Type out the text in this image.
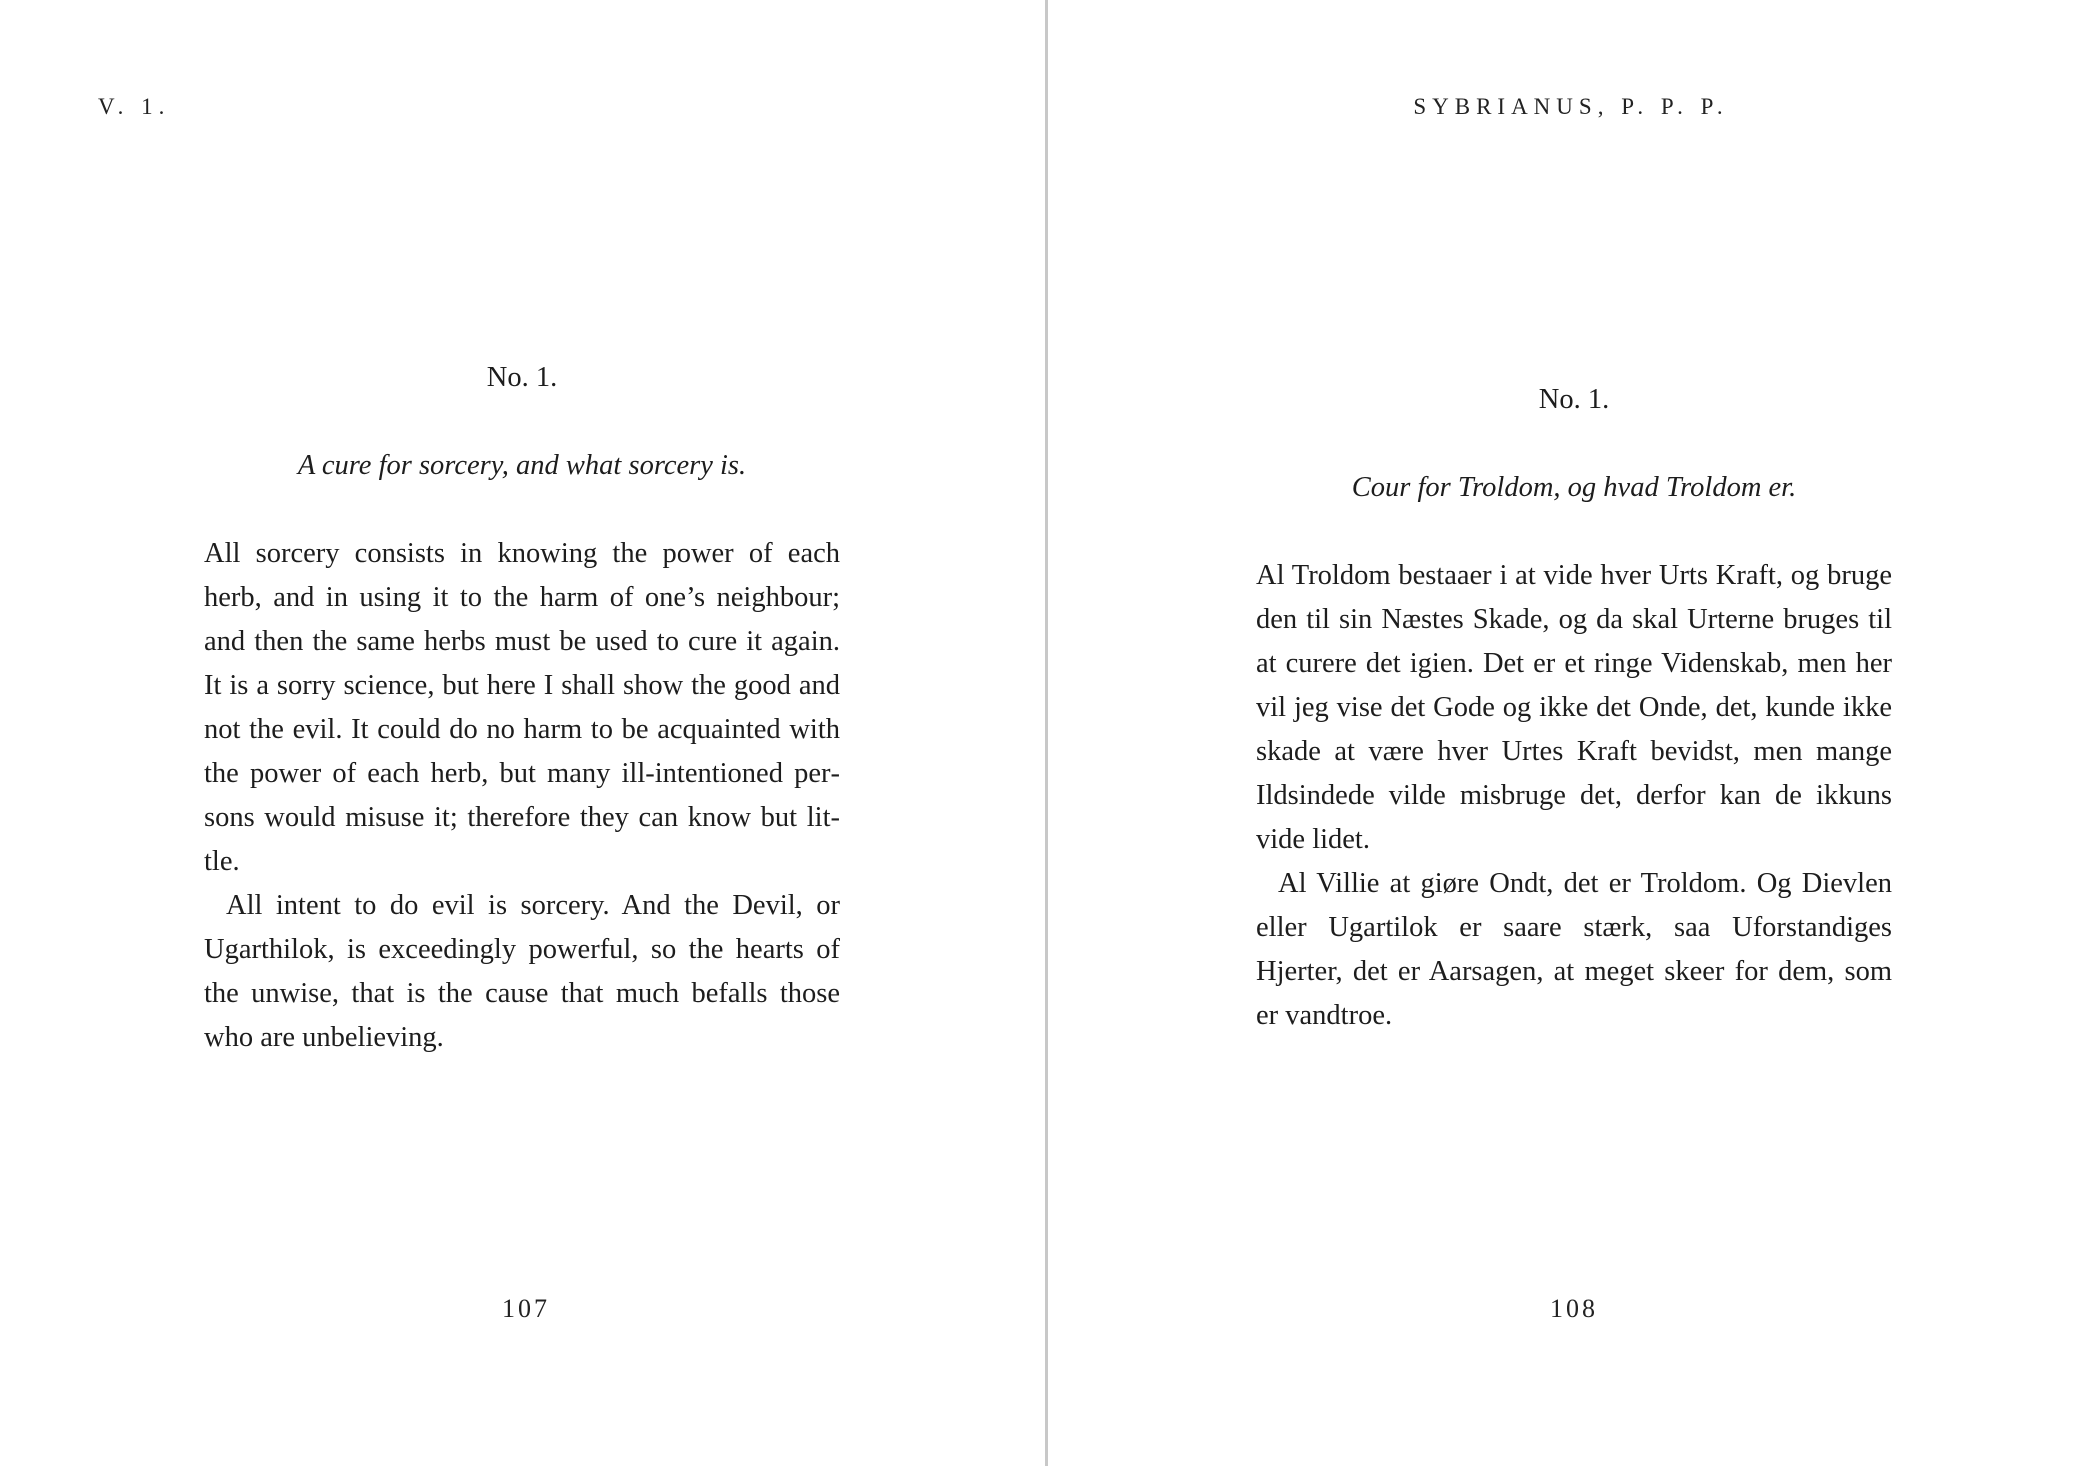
V. 1.

No. 1.

A cure for sorcery, and what sorcery is.

All sorcery consists in knowing the power of each herb, and in using it to the harm of one’s neighbour; and then the same herbs must be used to cure it again. It is a sorry science, but here I shall show the good and not the evil. It could do no harm to be acquainted with the power of each herb, but many ill-intentioned persons would misuse it; therefore they can know but little.

All intent to do evil is sorcery. And the Devil, or Ugarthilok, is exceedingly powerful, so the hearts of the unwise, that is the cause that much befalls those who are unbelieving.

107
SYBRIANUS, P. P. P.

No. 1.

Cour for Troldom, og hvad Troldom er.

Al Troldom bestaaer i at vide hver Urts Kraft, og bruge den til sin Næstes Skade, og da skal Urterne bruges til at curere det igien. Det er et ringe Videnskab, men her vil jeg vise det Gode og ikke det Onde, det, kunde ikke skade at være hver Urtes Kraft bevidst, men mange Ildsindede vilde misbruge det, derfor kan de ikkuns vide lidet.

Al Villie at giøre Ondt, det er Troldom. Og Dievlen eller Ugartilok er saare stærk, saa Uforstandiges Hjerter, det er Aarsagen, at meget skeer for dem, som er vandtroe.

108
